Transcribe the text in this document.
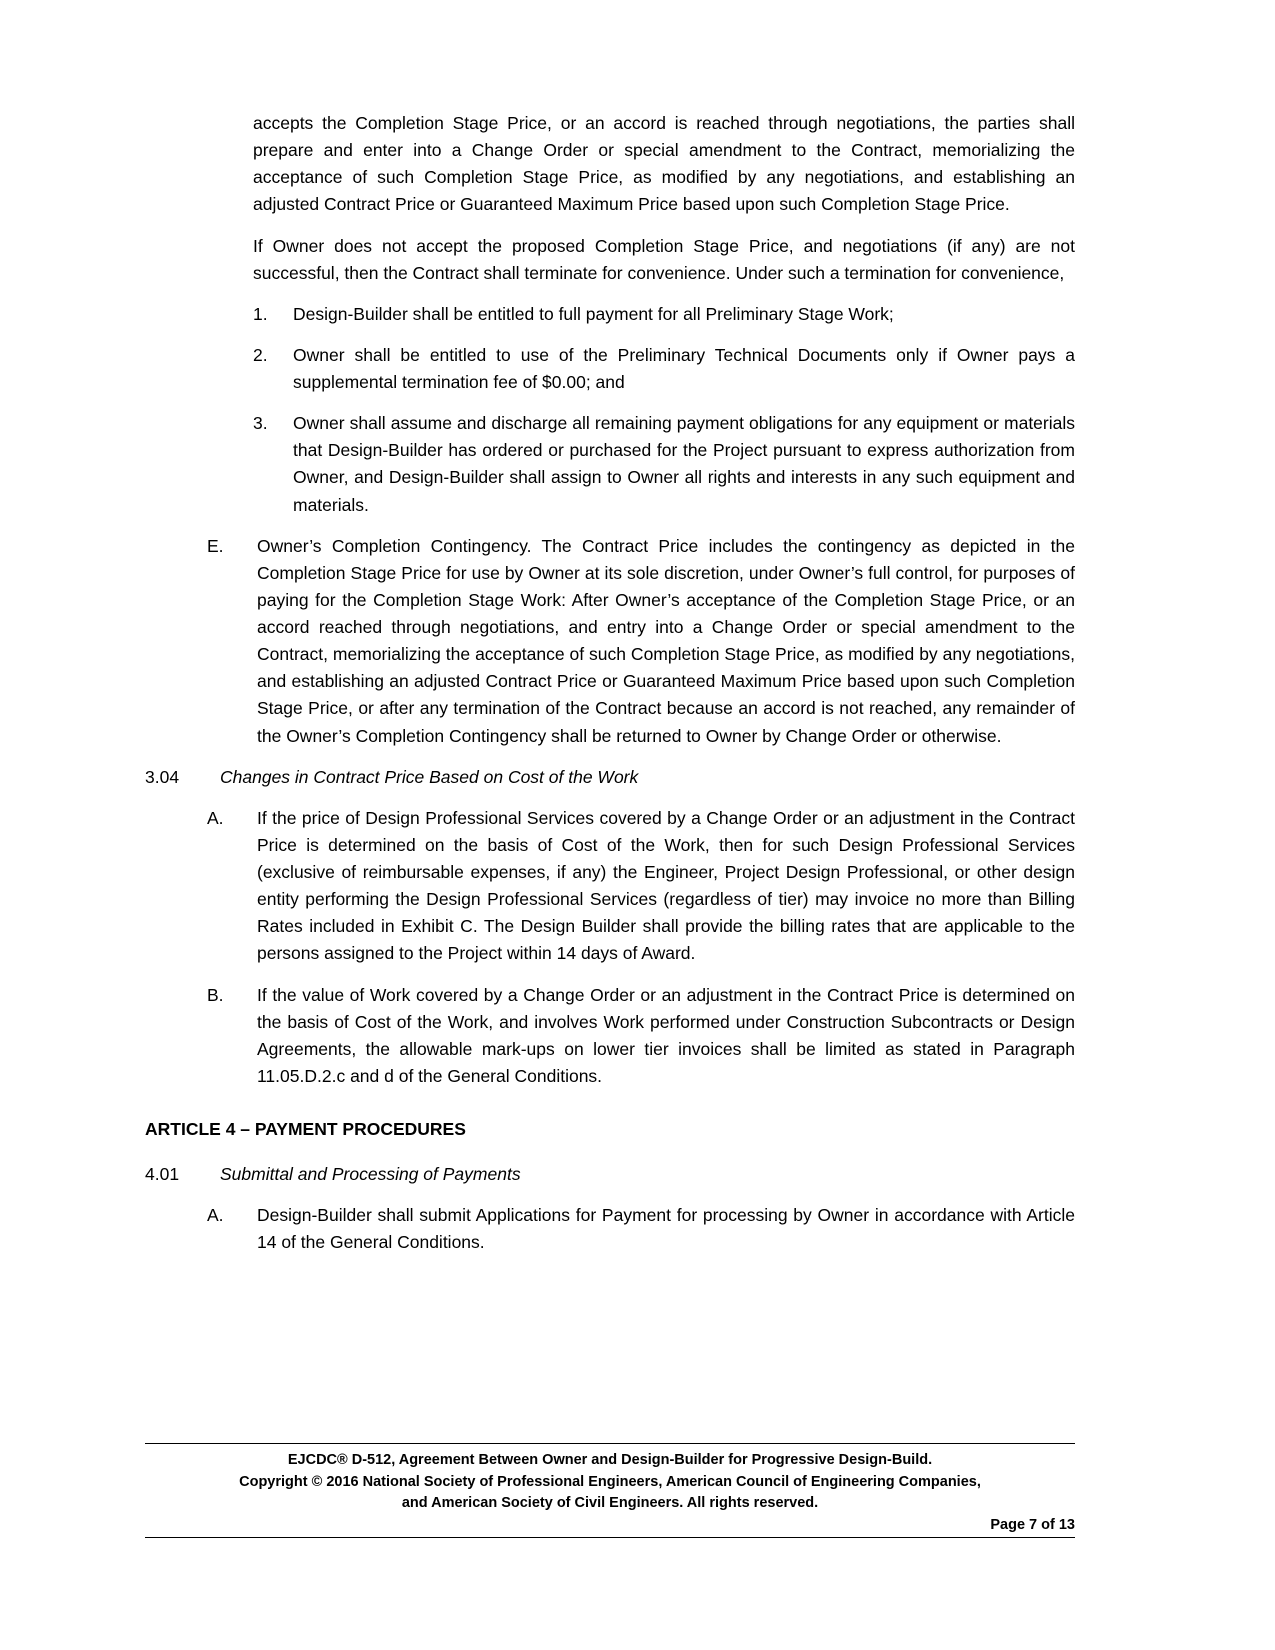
accepts the Completion Stage Price, or an accord is reached through negotiations, the parties shall prepare and enter into a Change Order or special amendment to the Contract, memorializing the acceptance of such Completion Stage Price, as modified by any negotiations, and establishing an adjusted Contract Price or Guaranteed Maximum Price based upon such Completion Stage Price.

If Owner does not accept the proposed Completion Stage Price, and negotiations (if any) are not successful, then the Contract shall terminate for convenience. Under such a termination for convenience,

1.	Design-Builder shall be entitled to full payment for all Preliminary Stage Work;

2.	Owner shall be entitled to use of the Preliminary Technical Documents only if Owner pays a supplemental termination fee of $0.00; and

3.	Owner shall assume and discharge all remaining payment obligations for any equipment or materials that Design-Builder has ordered or purchased for the Project pursuant to express authorization from Owner, and Design-Builder shall assign to Owner all rights and interests in any such equipment and materials.

E.	Owner’s Completion Contingency. The Contract Price includes the contingency as depicted in the Completion Stage Price for use by Owner at its sole discretion, under Owner’s full control, for purposes of paying for the Completion Stage Work: After Owner’s acceptance of the Completion Stage Price, or an accord reached through negotiations, and entry into a Change Order or special amendment to the Contract, memorializing the acceptance of such Completion Stage Price, as modified by any negotiations, and establishing an adjusted Contract Price or Guaranteed Maximum Price based upon such Completion Stage Price, or after any termination of the Contract because an accord is not reached, any remainder of the Owner’s Completion Contingency shall be returned to Owner by Change Order or otherwise.

3.04 Changes in Contract Price Based on Cost of the Work

A.	If the price of Design Professional Services covered by a Change Order or an adjustment in the Contract Price is determined on the basis of Cost of the Work, then for such Design Professional Services (exclusive of reimbursable expenses, if any) the Engineer, Project Design Professional, or other design entity performing the Design Professional Services (regardless of tier) may invoice no more than Billing Rates included in Exhibit C. The Design Builder shall provide the billing rates that are applicable to the persons assigned to the Project within 14 days of Award.

B.	If the value of Work covered by a Change Order or an adjustment in the Contract Price is determined on the basis of Cost of the Work, and involves Work performed under Construction Subcontracts or Design Agreements, the allowable mark-ups on lower tier invoices shall be limited as stated in Paragraph 11.05.D.2.c and d of the General Conditions.

ARTICLE 4 – PAYMENT PROCEDURES

4.01 Submittal and Processing of Payments

A.	Design-Builder shall submit Applications for Payment for processing by Owner in accordance with Article 14 of the General Conditions.

EJCDC® D-512, Agreement Between Owner and Design-Builder for Progressive Design-Build.
Copyright © 2016 National Society of Professional Engineers, American Council of Engineering Companies,
and American Society of Civil Engineers. All rights reserved.
Page 7 of 13
